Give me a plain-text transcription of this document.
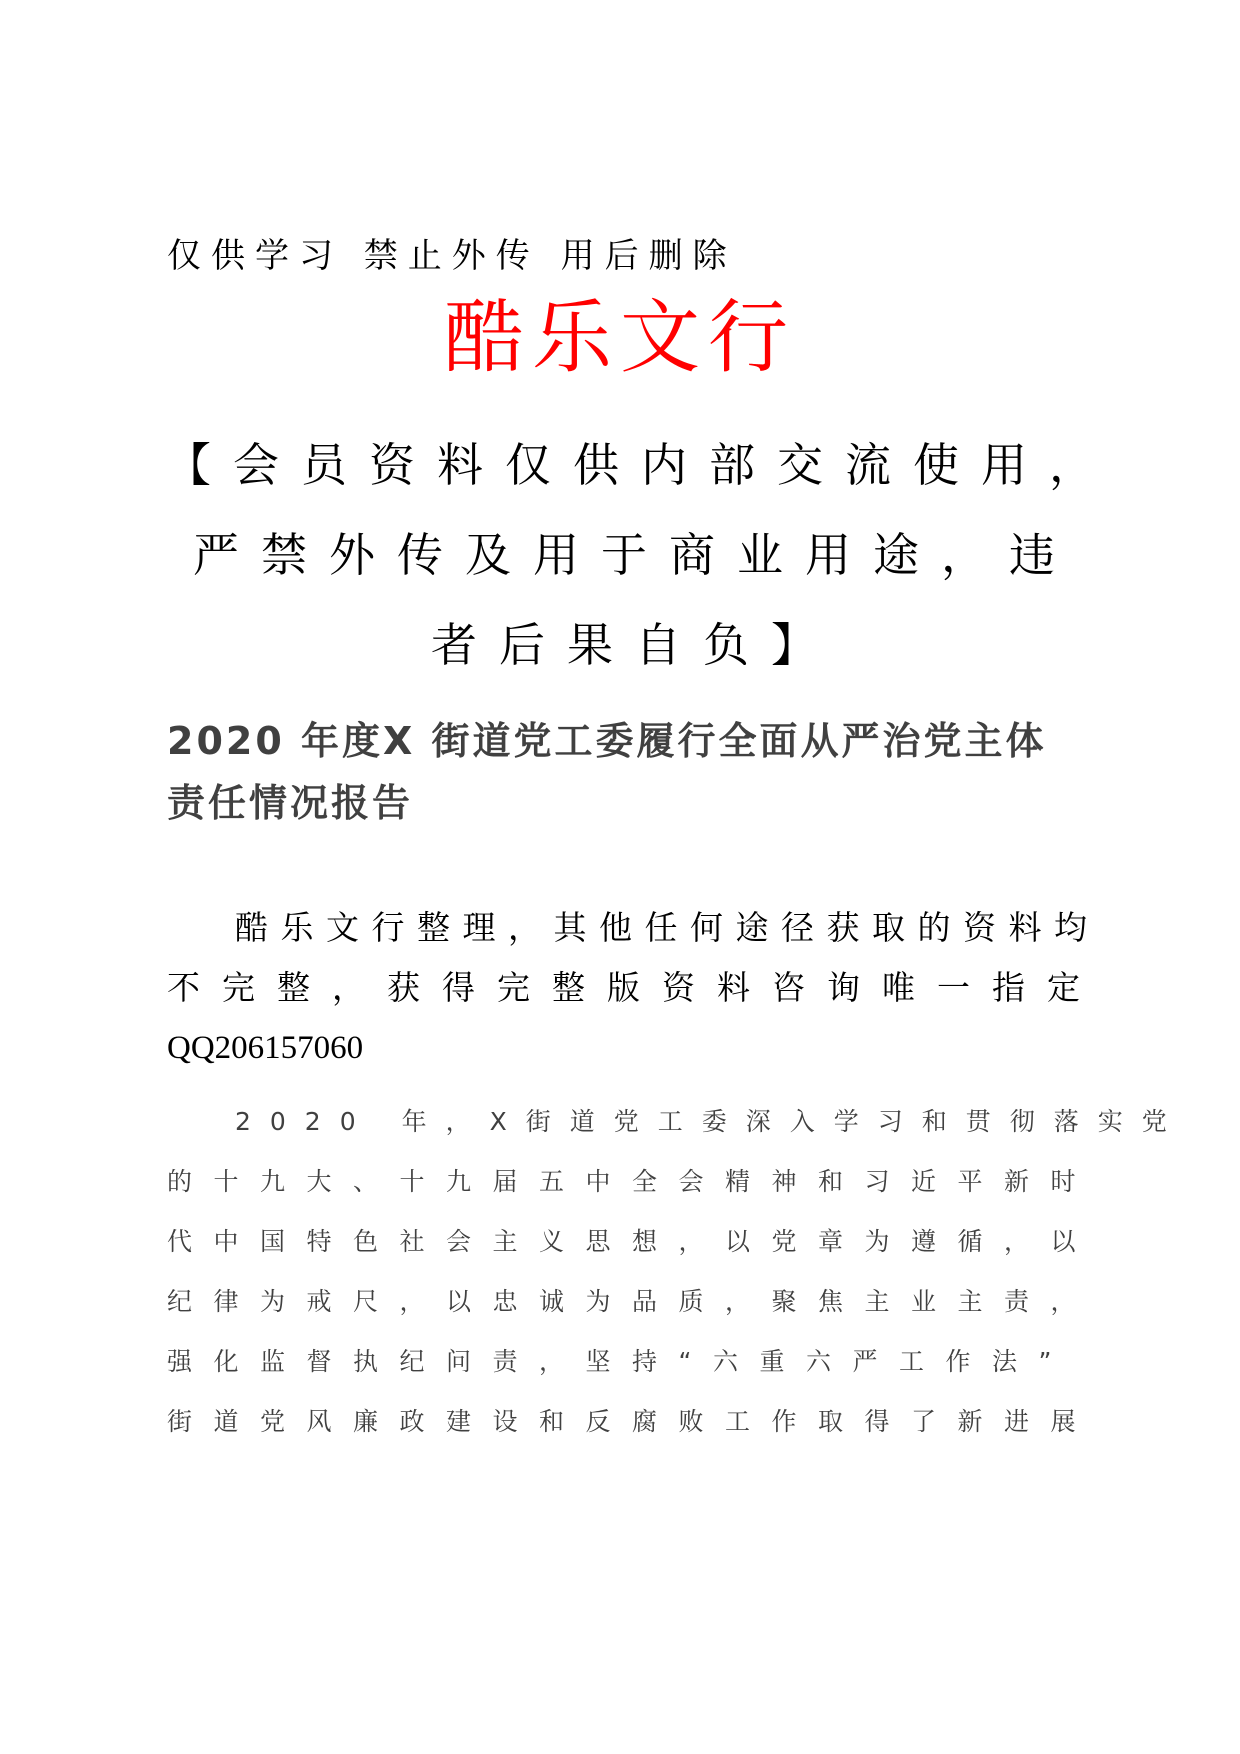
仅供学习 禁止外传 用后删除
酷乐文行
【会员资料仅供内部交流使用，
严禁外传及用于商业用途，违
者后果自负】
2020 年度X 街道党工委履行全面从严治党主体
责任情况报告
酷乐文行整理，其他任何途径获取的资料均
不完整，获得完整版资料咨询唯一指定
QQ206157060
2020 年，X街道党工委深入学习和贯彻落实党
的十九大、十九届五中全会精神和习近平新时
代中国特色社会主义思想，以党章为遵循，以
纪律为戒尺，以忠诚为品质，聚焦主业主责，
强化监督执纪问责，坚持“六重六严工作法”
街道党风廉政建设和反腐败工作取得了新进展
